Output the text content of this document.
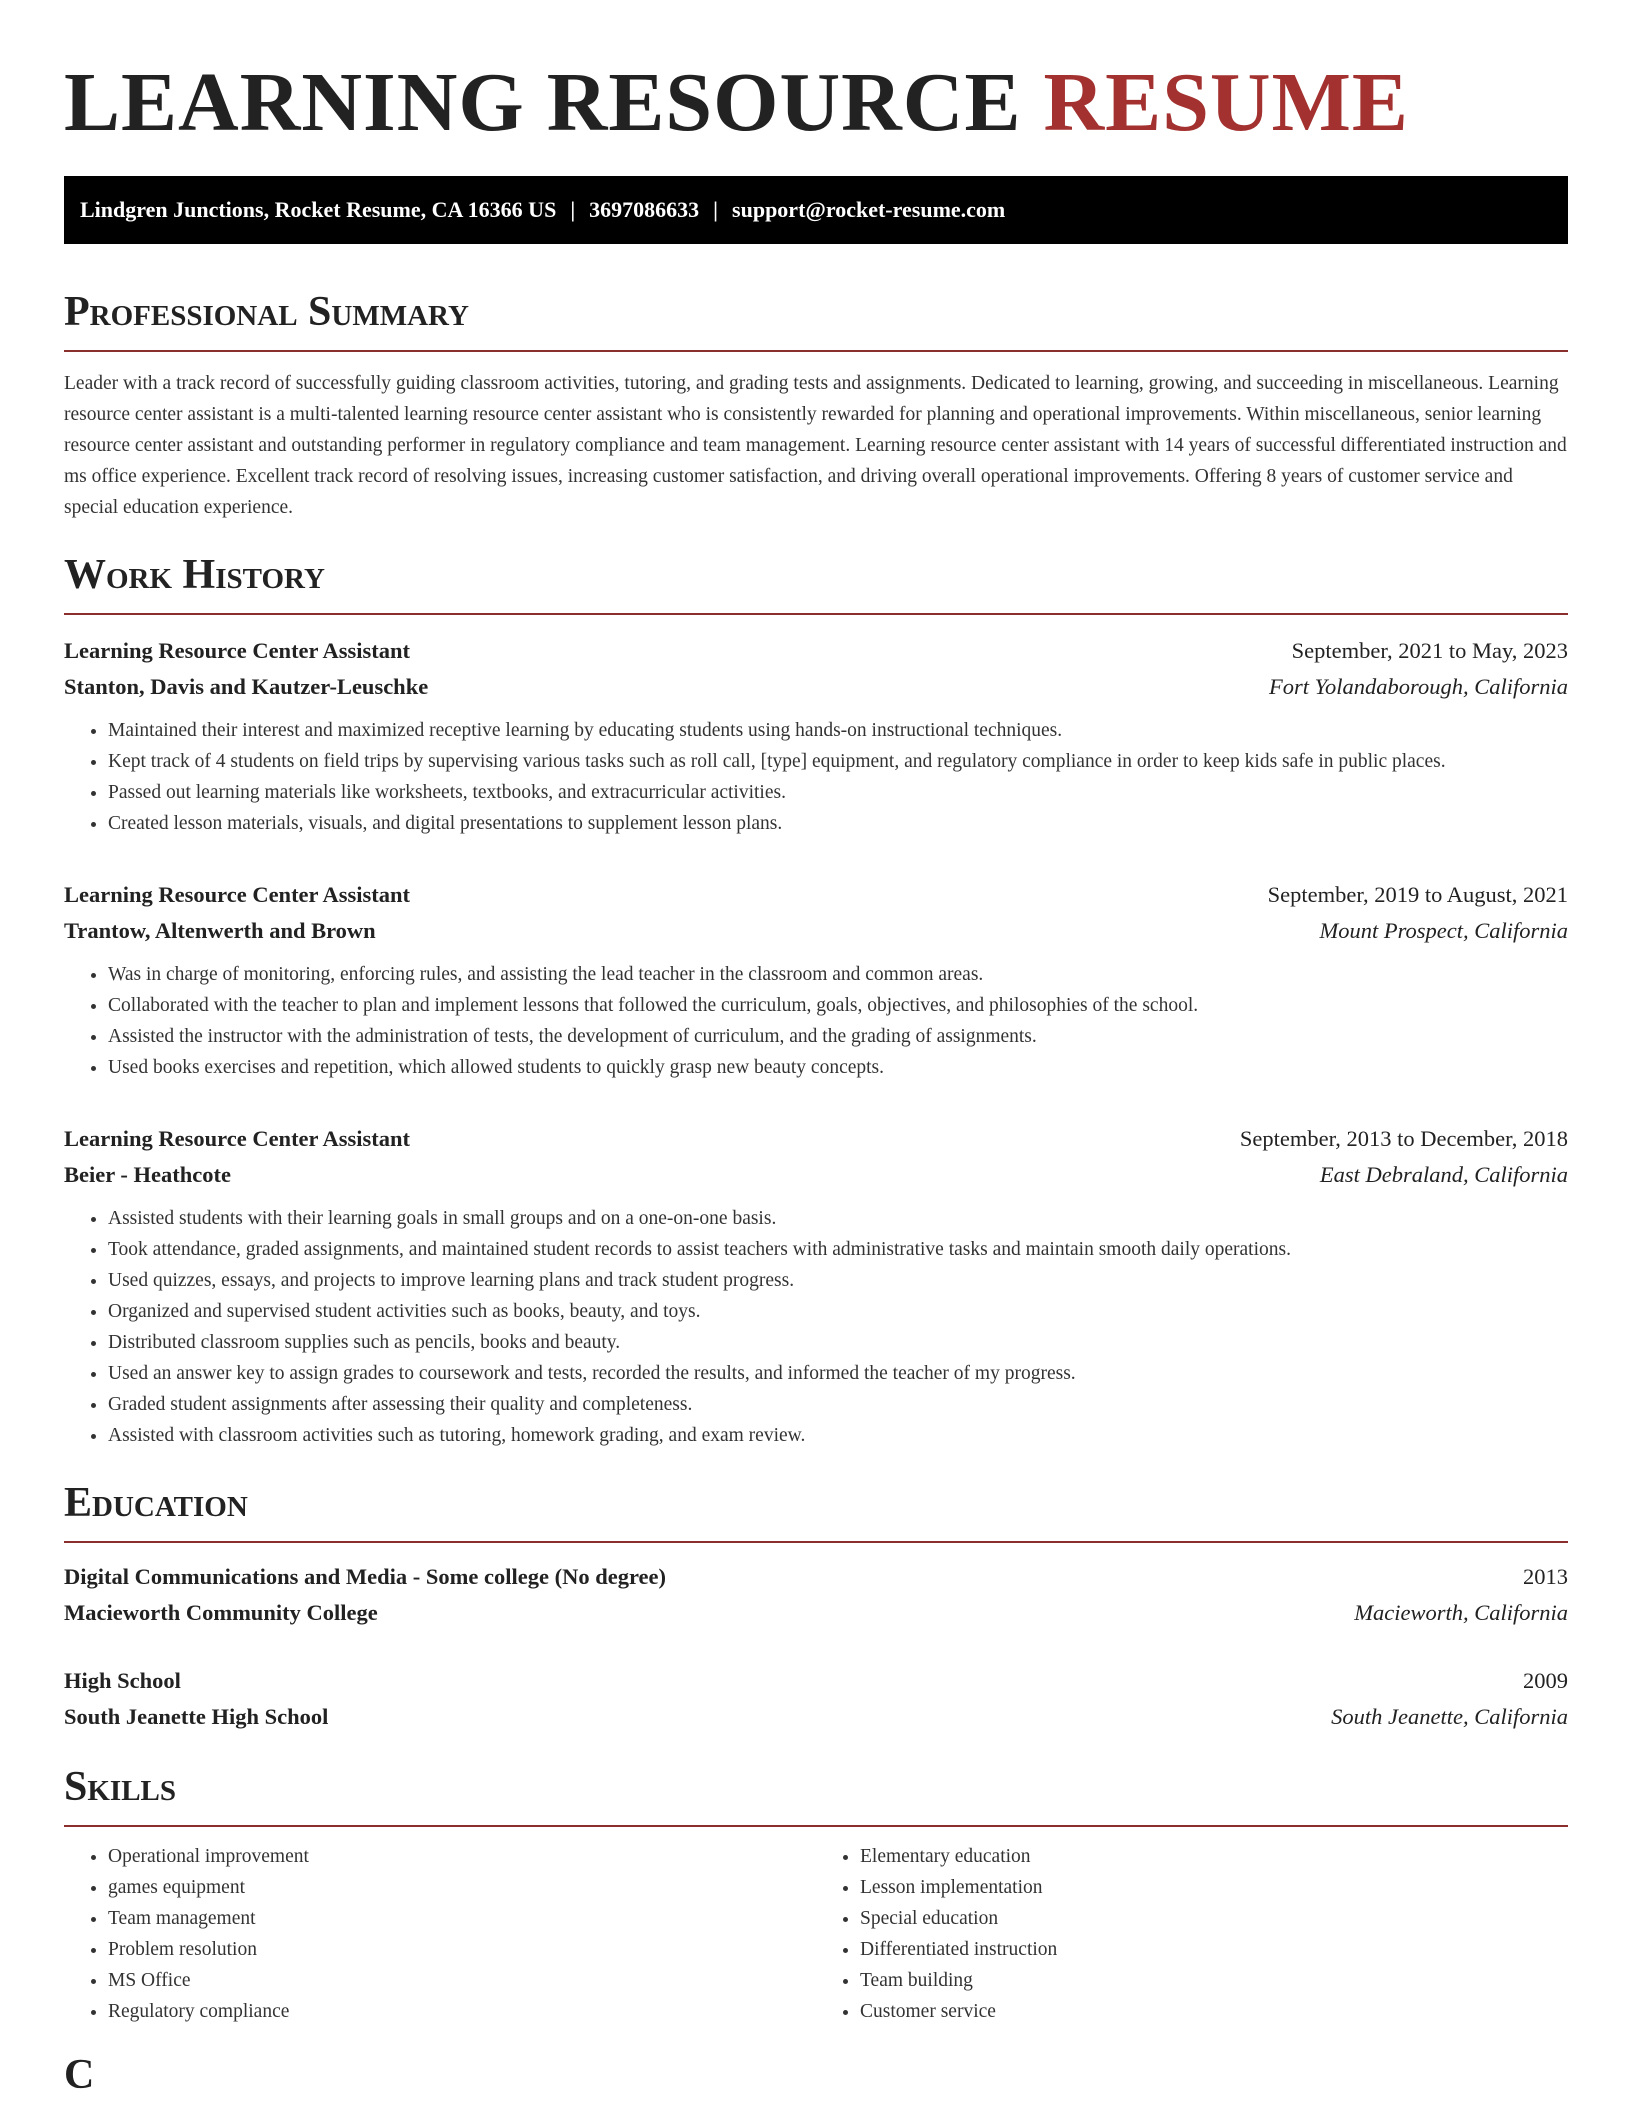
LEARNING RESOURCE RESUME
Lindgren Junctions, Rocket Resume, CA 16366 US | 3697086633 | support@rocket-resume.com
Professional Summary

Leader with a track record of successfully guiding classroom activities, tutoring, and grading tests and assignments. Dedicated to learning, growing, and succeeding in miscellaneous. Learning resource center assistant is a multi-talented learning resource center assistant who is consistently rewarded for planning and operational improvements. Within miscellaneous, senior learning resource center assistant and outstanding performer in regulatory compliance and team management. Learning resource center assistant with 14 years of successful differentiated instruction and ms office experience. Excellent track record of resolving issues, increasing customer satisfaction, and driving overall operational improvements. Offering 8 years of customer service and special education experience.

Work History
Learning Resource Center Assistant	September, 2021 to May, 2023
Stanton, Davis and Kautzer-Leuschke	Fort Yolandaborough, California
• Maintained their interest and maximized receptive learning by educating students using hands-on instructional techniques.
• Kept track of 4 students on field trips by supervising various tasks such as roll call, [type] equipment, and regulatory compliance in order to keep kids safe in public places.
• Passed out learning materials like worksheets, textbooks, and extracurricular activities.
• Created lesson materials, visuals, and digital presentations to supplement lesson plans.
Learning Resource Center Assistant	September, 2019 to August, 2021
Trantow, Altenwerth and Brown	Mount Prospect, California
• Was in charge of monitoring, enforcing rules, and assisting the lead teacher in the classroom and common areas.
• Collaborated with the teacher to plan and implement lessons that followed the curriculum, goals, objectives, and philosophies of the school.
• Assisted the instructor with the administration of tests, the development of curriculum, and the grading of assignments.
• Used books exercises and repetition, which allowed students to quickly grasp new beauty concepts.
Learning Resource Center Assistant	September, 2013 to December, 2018
Beier - Heathcote	East Debraland, California
• Assisted students with their learning goals in small groups and on a one-on-one basis.
• Took attendance, graded assignments, and maintained student records to assist teachers with administrative tasks and maintain smooth daily operations.
• Used quizzes, essays, and projects to improve learning plans and track student progress.
• Organized and supervised student activities such as books, beauty, and toys.
• Distributed classroom supplies such as pencils, books and beauty.
• Used an answer key to assign grades to coursework and tests, recorded the results, and informed the teacher of my progress.
• Graded student assignments after assessing their quality and completeness.
• Assisted with classroom activities such as tutoring, homework grading, and exam review.
Education
Digital Communications and Media - Some college (No degree)	2013
Macieworth Community College	Macieworth, California
High School	2009
South Jeanette High School	South Jeanette, California
Skills
• Operational improvement
• games equipment
• Team management
• Problem resolution
• MS Office
• Regulatory compliance
• Elementary education
• Lesson implementation
• Special education
• Differentiated instruction
• Team building
• Customer service
C
